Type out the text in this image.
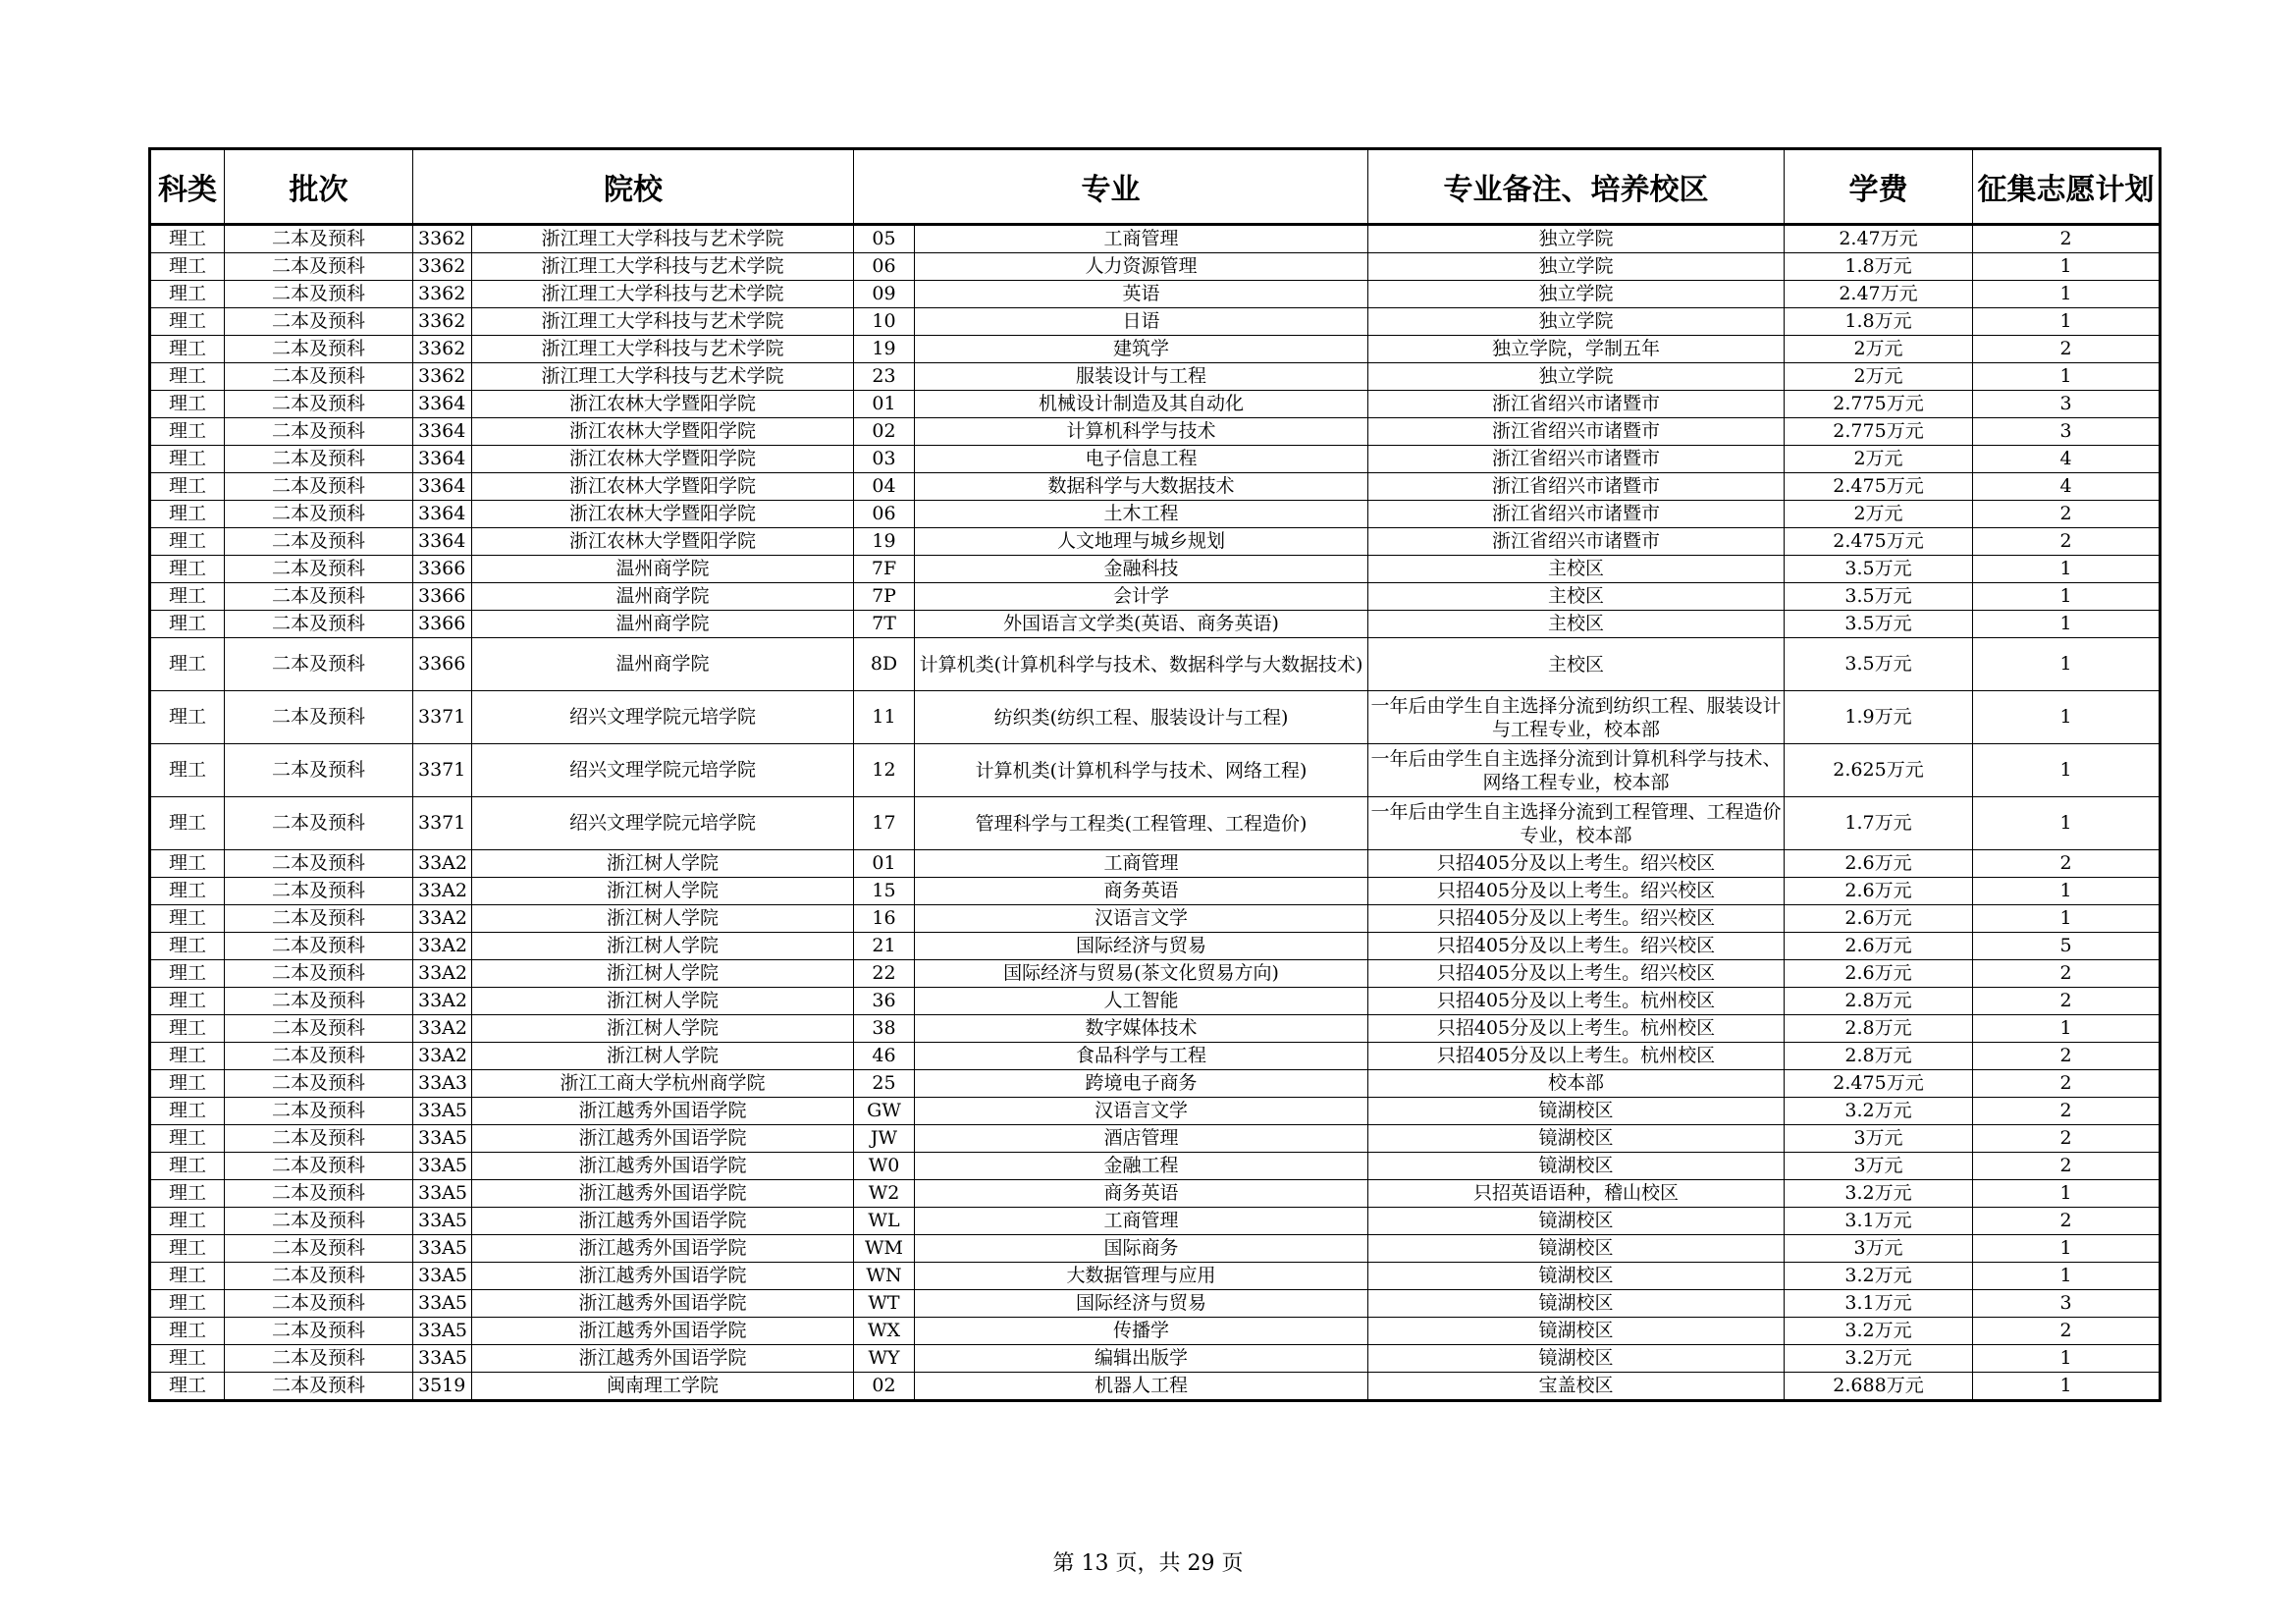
科类	批次	院校		专业		专业备注、培养校区	学费	征集志愿计划
理工	二本及预科	3362	浙江理工大学科技与艺术学院	05	工商管理	独立学院	2.47万元	2
理工	二本及预科	3362	浙江理工大学科技与艺术学院	06	人力资源管理	独立学院	1.8万元	1
理工	二本及预科	3362	浙江理工大学科技与艺术学院	09	英语	独立学院	2.47万元	1
理工	二本及预科	3362	浙江理工大学科技与艺术学院	10	日语	独立学院	1.8万元	1
理工	二本及预科	3362	浙江理工大学科技与艺术学院	19	建筑学	独立学院，学制五年	2万元	2
理工	二本及预科	3362	浙江理工大学科技与艺术学院	23	服装设计与工程	独立学院	2万元	1
理工	二本及预科	3364	浙江农林大学暨阳学院	01	机械设计制造及其自动化	浙江省绍兴市诸暨市	2.775万元	3
理工	二本及预科	3364	浙江农林大学暨阳学院	02	计算机科学与技术	浙江省绍兴市诸暨市	2.775万元	3
理工	二本及预科	3364	浙江农林大学暨阳学院	03	电子信息工程	浙江省绍兴市诸暨市	2万元	4
理工	二本及预科	3364	浙江农林大学暨阳学院	04	数据科学与大数据技术	浙江省绍兴市诸暨市	2.475万元	4
理工	二本及预科	3364	浙江农林大学暨阳学院	06	土木工程	浙江省绍兴市诸暨市	2万元	2
理工	二本及预科	3364	浙江农林大学暨阳学院	19	人文地理与城乡规划	浙江省绍兴市诸暨市	2.475万元	2
理工	二本及预科	3366	温州商学院	7F	金融科技	主校区	3.5万元	1
理工	二本及预科	3366	温州商学院	7P	会计学	主校区	3.5万元	1
理工	二本及预科	3366	温州商学院	7T	外国语言文学类(英语、商务英语)	主校区	3.5万元	1
理工	二本及预科	3366	温州商学院	8D	计算机类(计算机科学与技术、数据科学与大数据技术)	主校区	3.5万元	1
理工	二本及预科	3371	绍兴文理学院元培学院	11	纺织类(纺织工程、服装设计与工程)	一年后由学生自主选择分流到纺织工程、服装设计与工程专业，校本部	1.9万元	1
理工	二本及预科	3371	绍兴文理学院元培学院	12	计算机类(计算机科学与技术、网络工程)	一年后由学生自主选择分流到计算机科学与技术、网络工程专业，校本部	2.625万元	1
理工	二本及预科	3371	绍兴文理学院元培学院	17	管理科学与工程类(工程管理、工程造价)	一年后由学生自主选择分流到工程管理、工程造价专业，校本部	1.7万元	1
理工	二本及预科	33A2	浙江树人学院	01	工商管理	只招405分及以上考生。绍兴校区	2.6万元	2
理工	二本及预科	33A2	浙江树人学院	15	商务英语	只招405分及以上考生。绍兴校区	2.6万元	1
理工	二本及预科	33A2	浙江树人学院	16	汉语言文学	只招405分及以上考生。绍兴校区	2.6万元	1
理工	二本及预科	33A2	浙江树人学院	21	国际经济与贸易	只招405分及以上考生。绍兴校区	2.6万元	5
理工	二本及预科	33A2	浙江树人学院	22	国际经济与贸易(茶文化贸易方向)	只招405分及以上考生。绍兴校区	2.6万元	2
理工	二本及预科	33A2	浙江树人学院	36	人工智能	只招405分及以上考生。杭州校区	2.8万元	2
理工	二本及预科	33A2	浙江树人学院	38	数字媒体技术	只招405分及以上考生。杭州校区	2.8万元	1
理工	二本及预科	33A2	浙江树人学院	46	食品科学与工程	只招405分及以上考生。杭州校区	2.8万元	2
理工	二本及预科	33A3	浙江工商大学杭州商学院	25	跨境电子商务	校本部	2.475万元	2
理工	二本及预科	33A5	浙江越秀外国语学院	GW	汉语言文学	镜湖校区	3.2万元	2
理工	二本及预科	33A5	浙江越秀外国语学院	JW	酒店管理	镜湖校区	3万元	2
理工	二本及预科	33A5	浙江越秀外国语学院	W0	金融工程	镜湖校区	3万元	2
理工	二本及预科	33A5	浙江越秀外国语学院	W2	商务英语	只招英语语种，稽山校区	3.2万元	1
理工	二本及预科	33A5	浙江越秀外国语学院	WL	工商管理	镜湖校区	3.1万元	2
理工	二本及预科	33A5	浙江越秀外国语学院	WM	国际商务	镜湖校区	3万元	1
理工	二本及预科	33A5	浙江越秀外国语学院	WN	大数据管理与应用	镜湖校区	3.2万元	1
理工	二本及预科	33A5	浙江越秀外国语学院	WT	国际经济与贸易	镜湖校区	3.1万元	3
理工	二本及预科	33A5	浙江越秀外国语学院	WX	传播学	镜湖校区	3.2万元	2
理工	二本及预科	33A5	浙江越秀外国语学院	WY	编辑出版学	镜湖校区	3.2万元	1
理工	二本及预科	3519	闽南理工学院	02	机器人工程	宝盖校区	2.688万元	1
第 13 页，共 29 页
